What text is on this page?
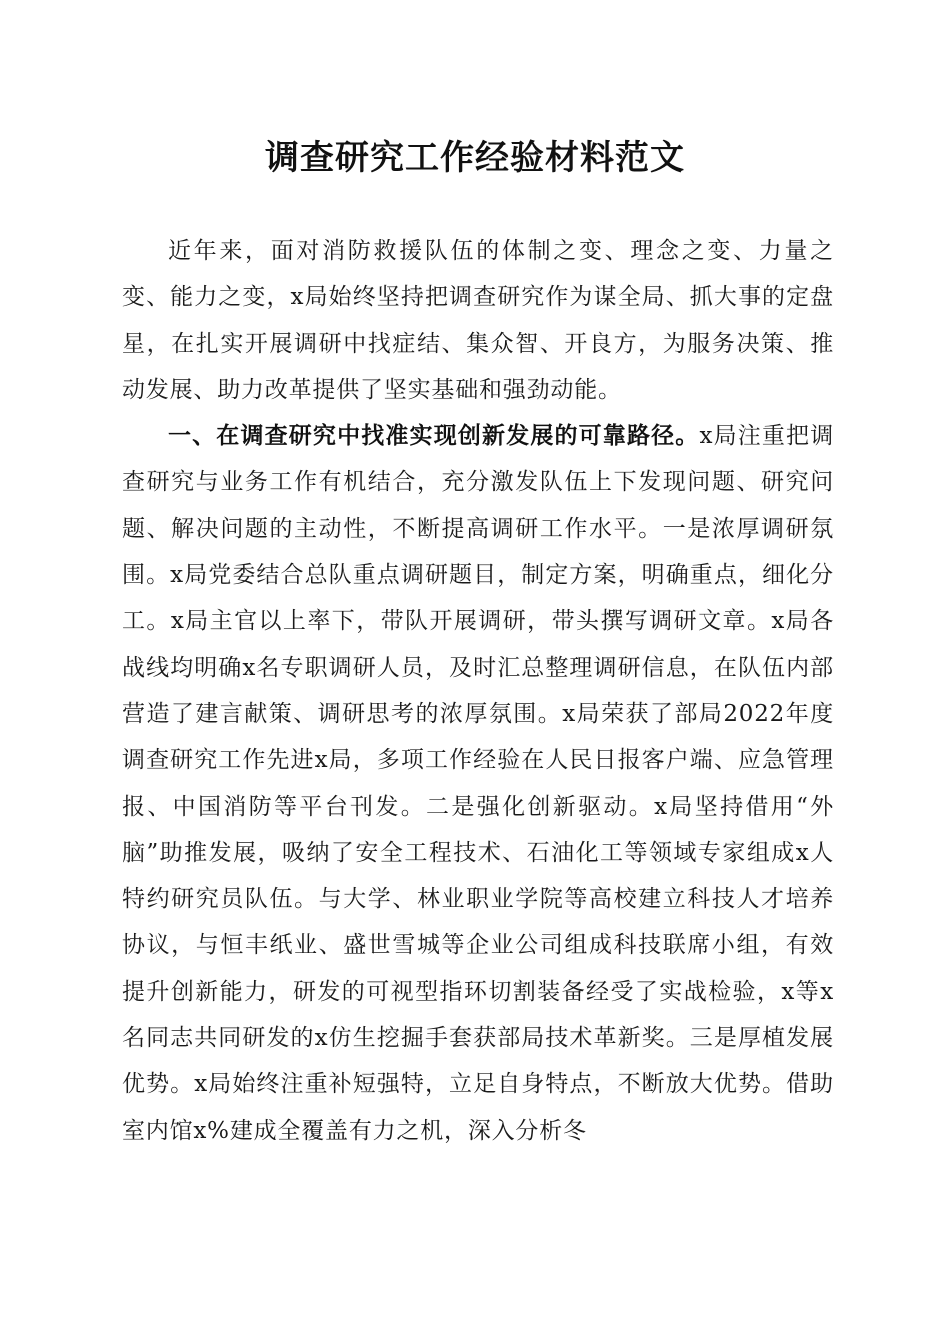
调查研究工作经验材料范文

近年来，面对消防救援队伍的体制之变、理念之变、力量之变、能力之变，x局始终坚持把调查研究作为谋全局、抓大事的定盘星，在扎实开展调研中找症结、集众智、开良方，为服务决策、推动发展、助力改革提供了坚实基础和强劲动能。

一、在调查研究中找准实现创新发展的可靠路径。x局注重把调查研究与业务工作有机结合，充分激发队伍上下发现问题、研究问题、解决问题的主动性，不断提高调研工作水平。一是浓厚调研氛围。x局党委结合总队重点调研题目，制定方案，明确重点，细化分工。x局主官以上率下，带队开展调研，带头撰写调研文章。x局各战线均明确x名专职调研人员，及时汇总整理调研信息，在队伍内部营造了建言献策、调研思考的浓厚氛围。x局荣获了部局2022年度调查研究工作先进x局，多项工作经验在人民日报客户端、应急管理报、中国消防等平台刊发。二是强化创新驱动。x局坚持借用“外脑”助推发展，吸纳了安全工程技术、石油化工等领域专家组成x人特约研究员队伍。与大学、林业职业学院等高校建立科技人才培养协议，与恒丰纸业、盛世雪城等企业公司组成科技联席小组，有效提升创新能力，研发的可视型指环切割装备经受了实战检验，x等x名同志共同研发的x仿生挖掘手套获部局技术革新奖。三是厚植发展优势。x局始终注重补短强特，立足自身特点，不断放大优势。借助室内馆x%建成全覆盖有力之机，深入分析冬
